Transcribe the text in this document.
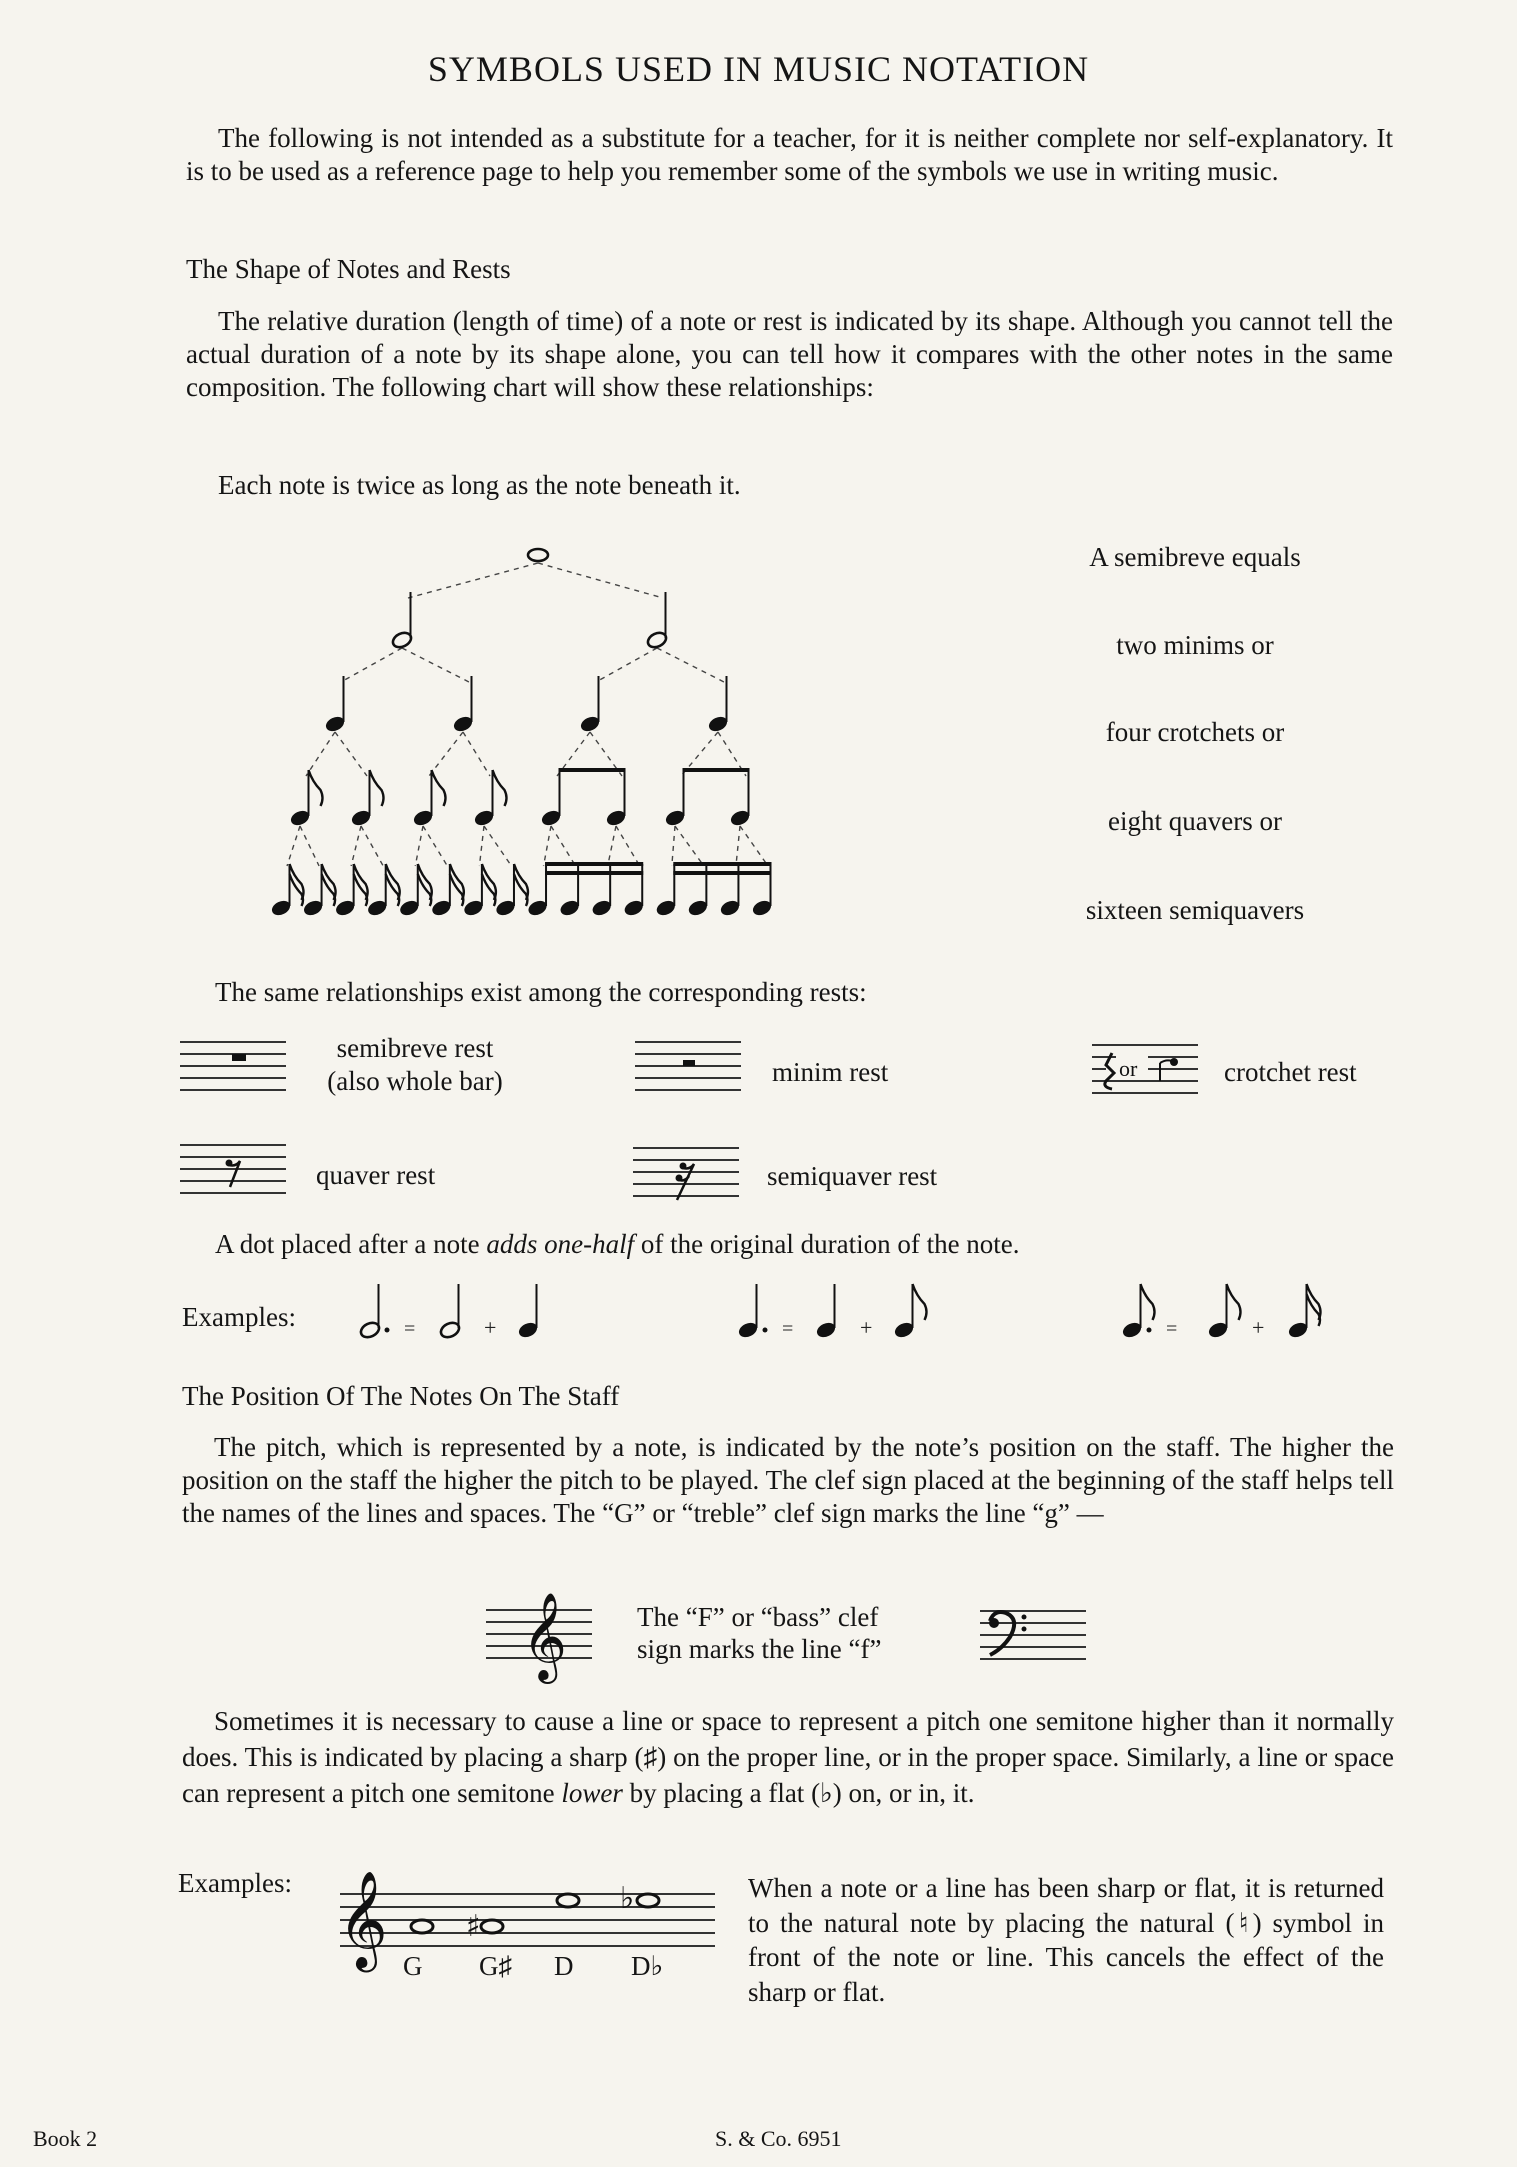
SYMBOLS USED IN MUSIC NOTATION
The following is not intended as a substitute for a teacher, for it is neither complete nor self-explanatory. It is to be used as a reference page to help you remember some of the symbols we use in writing music.
The Shape of Notes and Rests
The relative duration (length of time) of a note or rest is indicated by its shape. Although you cannot tell the actual duration of a note by its shape alone, you can tell how it compares with the other notes in the same composition. The following chart will show these relationships:
Each note is twice as long as the note beneath it.
A semibreve equals
two minims or
four crotchets or
eight quavers or
sixteen semiquavers
The same relationships exist among the corresponding rests:
semibreve rest
(also whole bar)	minim rest	or	crotchet rest
quaver rest	semiquaver rest
A dot placed after a note adds one-half of the original duration of the note.
Examples:	=	+	=	+	=	+
The Position Of The Notes On The Staff
The pitch, which is represented by a note, is indicated by the note’s position on the staff. The higher the position on the staff the higher the pitch to be played. The clef sign placed at the beginning of the staff helps tell the names of the lines and spaces. The “G” or “treble” clef sign marks the line “g” —
𝄞	The “F” or “bass” clef
sign marks the line “f”
Sometimes it is necessary to cause a line or space to represent a pitch one semitone higher than it normally does. This is indicated by placing a sharp (♯) on the proper line, or in the proper space. Similarly, a line or space can represent a pitch one semitone lower by placing a flat (♭) on, or in, it.
Examples: 𝄞	♯
♭
G G♯ D D♭
When a note or a line has been sharp or flat, it is returned to the natural note by placing the natural (♮) symbol in front of the note or line. This cancels the effect of the sharp or flat.
Book 2	S. & Co. 6951
